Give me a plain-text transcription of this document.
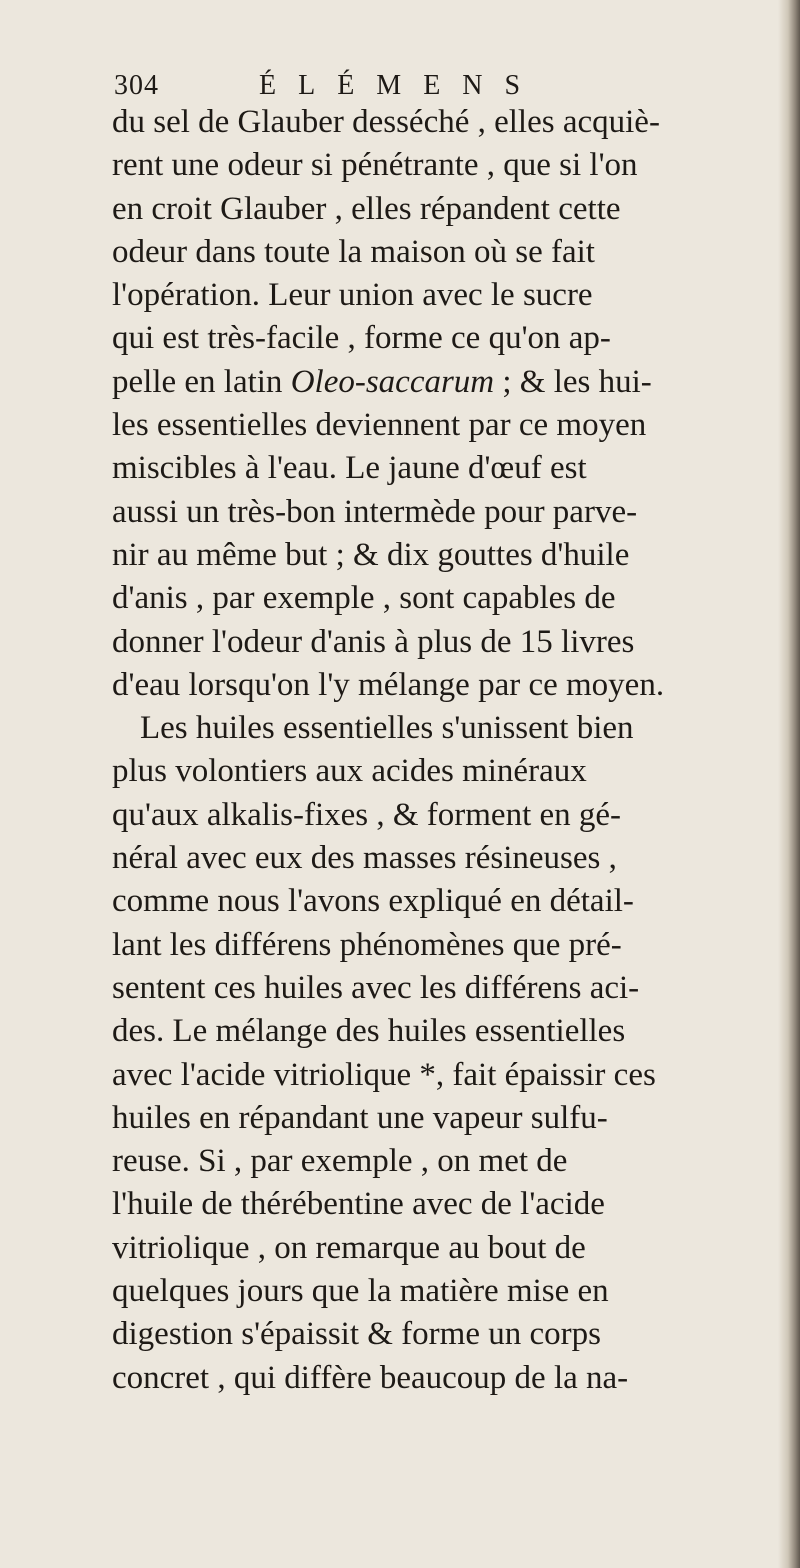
304	ÉLÉMENS
du sel de Glauber desséché , elles acquiè-
rent une odeur si pénétrante , que si l'on
en croit Glauber , elles répandent cette
odeur dans toute la maison où se fait
l'opération. Leur union avec le sucre
qui est très-facile , forme ce qu'on ap-
pelle en latin Oleo-saccarum ; & les hui-
les essentielles deviennent par ce moyen
miscibles à l'eau. Le jaune d'œuf est
aussi un très-bon intermède pour parve-
nir au même but ; & dix gouttes d'huile
d'anis , par exemple , sont capables de
donner l'odeur d'anis à plus de 15 livres
d'eau lorsqu'on l'y mélange par ce moyen.
Les huiles essentielles s'unissent bien
plus volontiers aux acides minéraux
qu'aux alkalis-fixes , & forment en gé-
néral avec eux des masses résineuses ,
comme nous l'avons expliqué en détail-
lant les différens phénomènes que pré-
sentent ces huiles avec les différens aci-
des. Le mélange des huiles essentielles
avec l'acide vitriolique *, fait épaissir ces
huiles en répandant une vapeur sulfu-
reuse. Si , par exemple , on met de
l'huile de thérébentine avec de l'acide
vitriolique , on remarque au bout de
quelques jours que la matière mise en
digestion s'épaissit & forme un corps
concret , qui diffère beaucoup de la na-
